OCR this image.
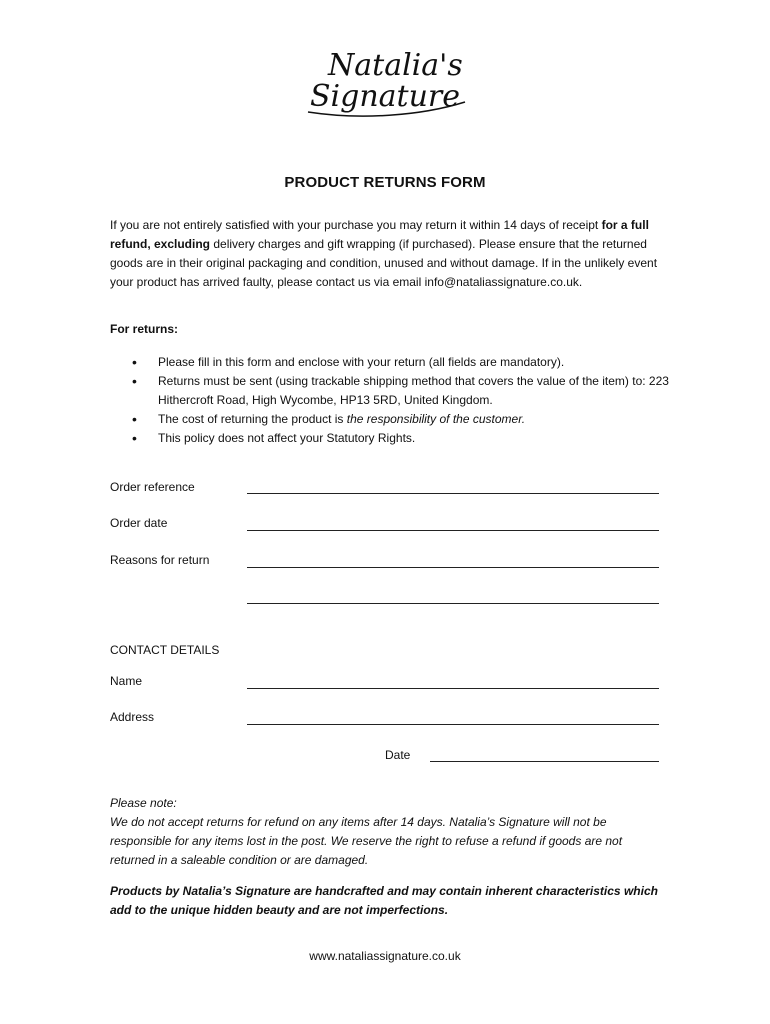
Natalia's
Signature
PRODUCT RETURNS FORM
If you are not entirely satisfied with your purchase you may return it within 14 days of receipt for a full refund, excluding delivery charges and gift wrapping (if purchased). Please ensure that the returned goods are in their original packaging and condition, unused and without damage. If in the unlikely event your product has arrived faulty, please contact us via email info@nataliassignature.co.uk.
For returns:
• Please fill in this form and enclose with your return (all fields are mandatory).
• Returns must be sent (using trackable shipping method that covers the value of the item) to: 223 Hithercroft Road, High Wycombe, HP13 5RD, United Kingdom.
• The cost of returning the product is the responsibility of the customer.
• This policy does not affect your Statutory Rights.
Order reference
Order date
Reasons for return
CONTACT DETAILS
Name
Address
Date
Please note:
We do not accept returns for refund on any items after 14 days. Natalia’s Signature will not be responsible for any items lost in the post. We reserve the right to refuse a refund if goods are not returned in a saleable condition or are damaged.
Products by Natalia’s Signature are handcrafted and may contain inherent characteristics which add to the unique hidden beauty and are not imperfections.
www.nataliassignature.co.uk
